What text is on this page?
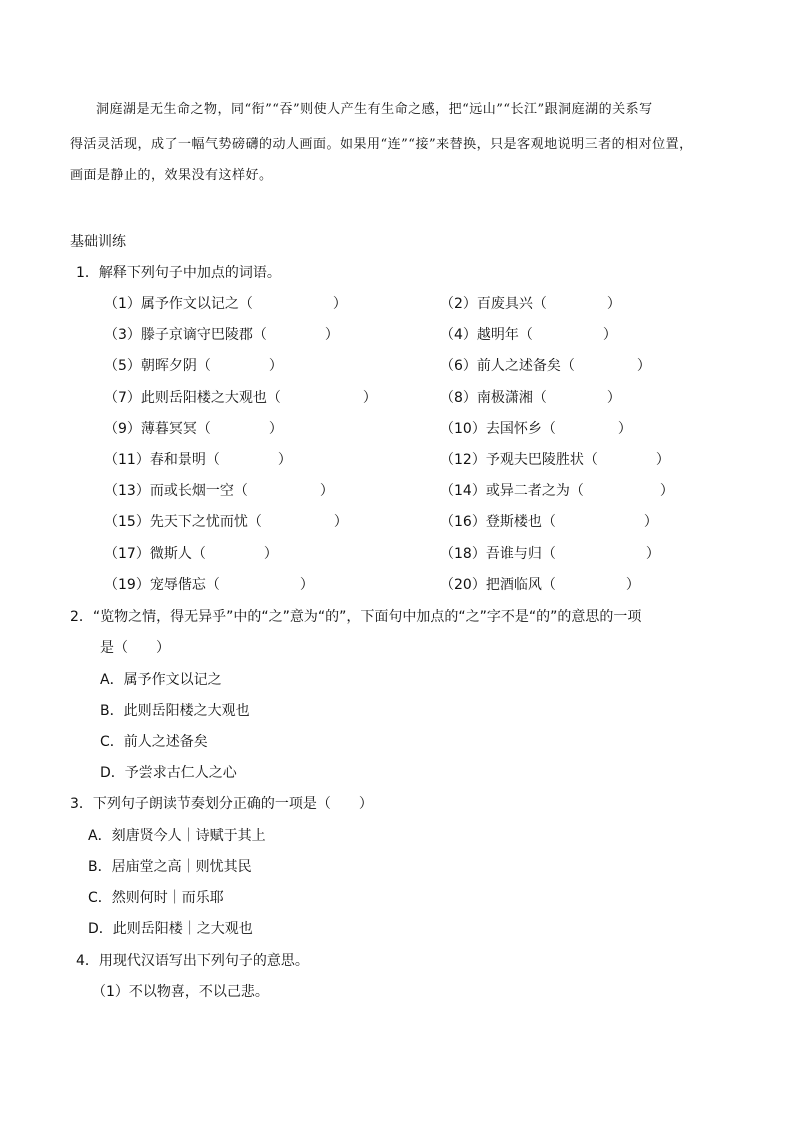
洞庭湖是无生命之物，同“衔”“吞”则使人产生有生命之感，把“远山”“长江”跟洞庭湖的关系写
得活灵活现，成了一幅气势磅礴的动人画面。如果用“连”“接”来替换，只是客观地说明三者的相对位置，
画面是静止的，效果没有这样好。
基础训练
1．解释下列句子中加点的词语。
（1）属予作文以记之（	）	（2）百废具兴（	）
（3）滕子京谪守巴陵郡（	）	（4）越明年（	）
（5）朝晖夕阴（	）	（6）前人之述备矣（	）
（7）此则岳阳楼之大观也（	）	（8）南极潇湘（	）
（9）薄暮冥冥（	）	（10）去国怀乡（	）
（11）春和景明（	）	（12）予观夫巴陵胜状（	）
（13）而或长烟一空（	）	（14）或异二者之为（	）
（15）先天下之忧而忧（	）	（16）登斯楼也（	）
（17）微斯人（	）	（18）吾谁与归（	）
（19）宠辱偕忘（	）	（20）把酒临风（	）
2．“览物之情，得无异乎”中的“之”意为“的”，下面句中加点的“之”字不是“的”的意思的一项
是（　　）
A．属予作文以记之
B．此则岳阳楼之大观也
C．前人之述备矣
D．予尝求古仁人之心
3．下列句子朗读节奏划分正确的一项是（　　）
A．刻唐贤今人｜诗赋于其上
B．居庙堂之高｜则忧其民
C．然则何时｜而乐耶
D．此则岳阳楼｜之大观也
4．用现代汉语写出下列句子的意思。
（1）不以物喜，不以己悲。
